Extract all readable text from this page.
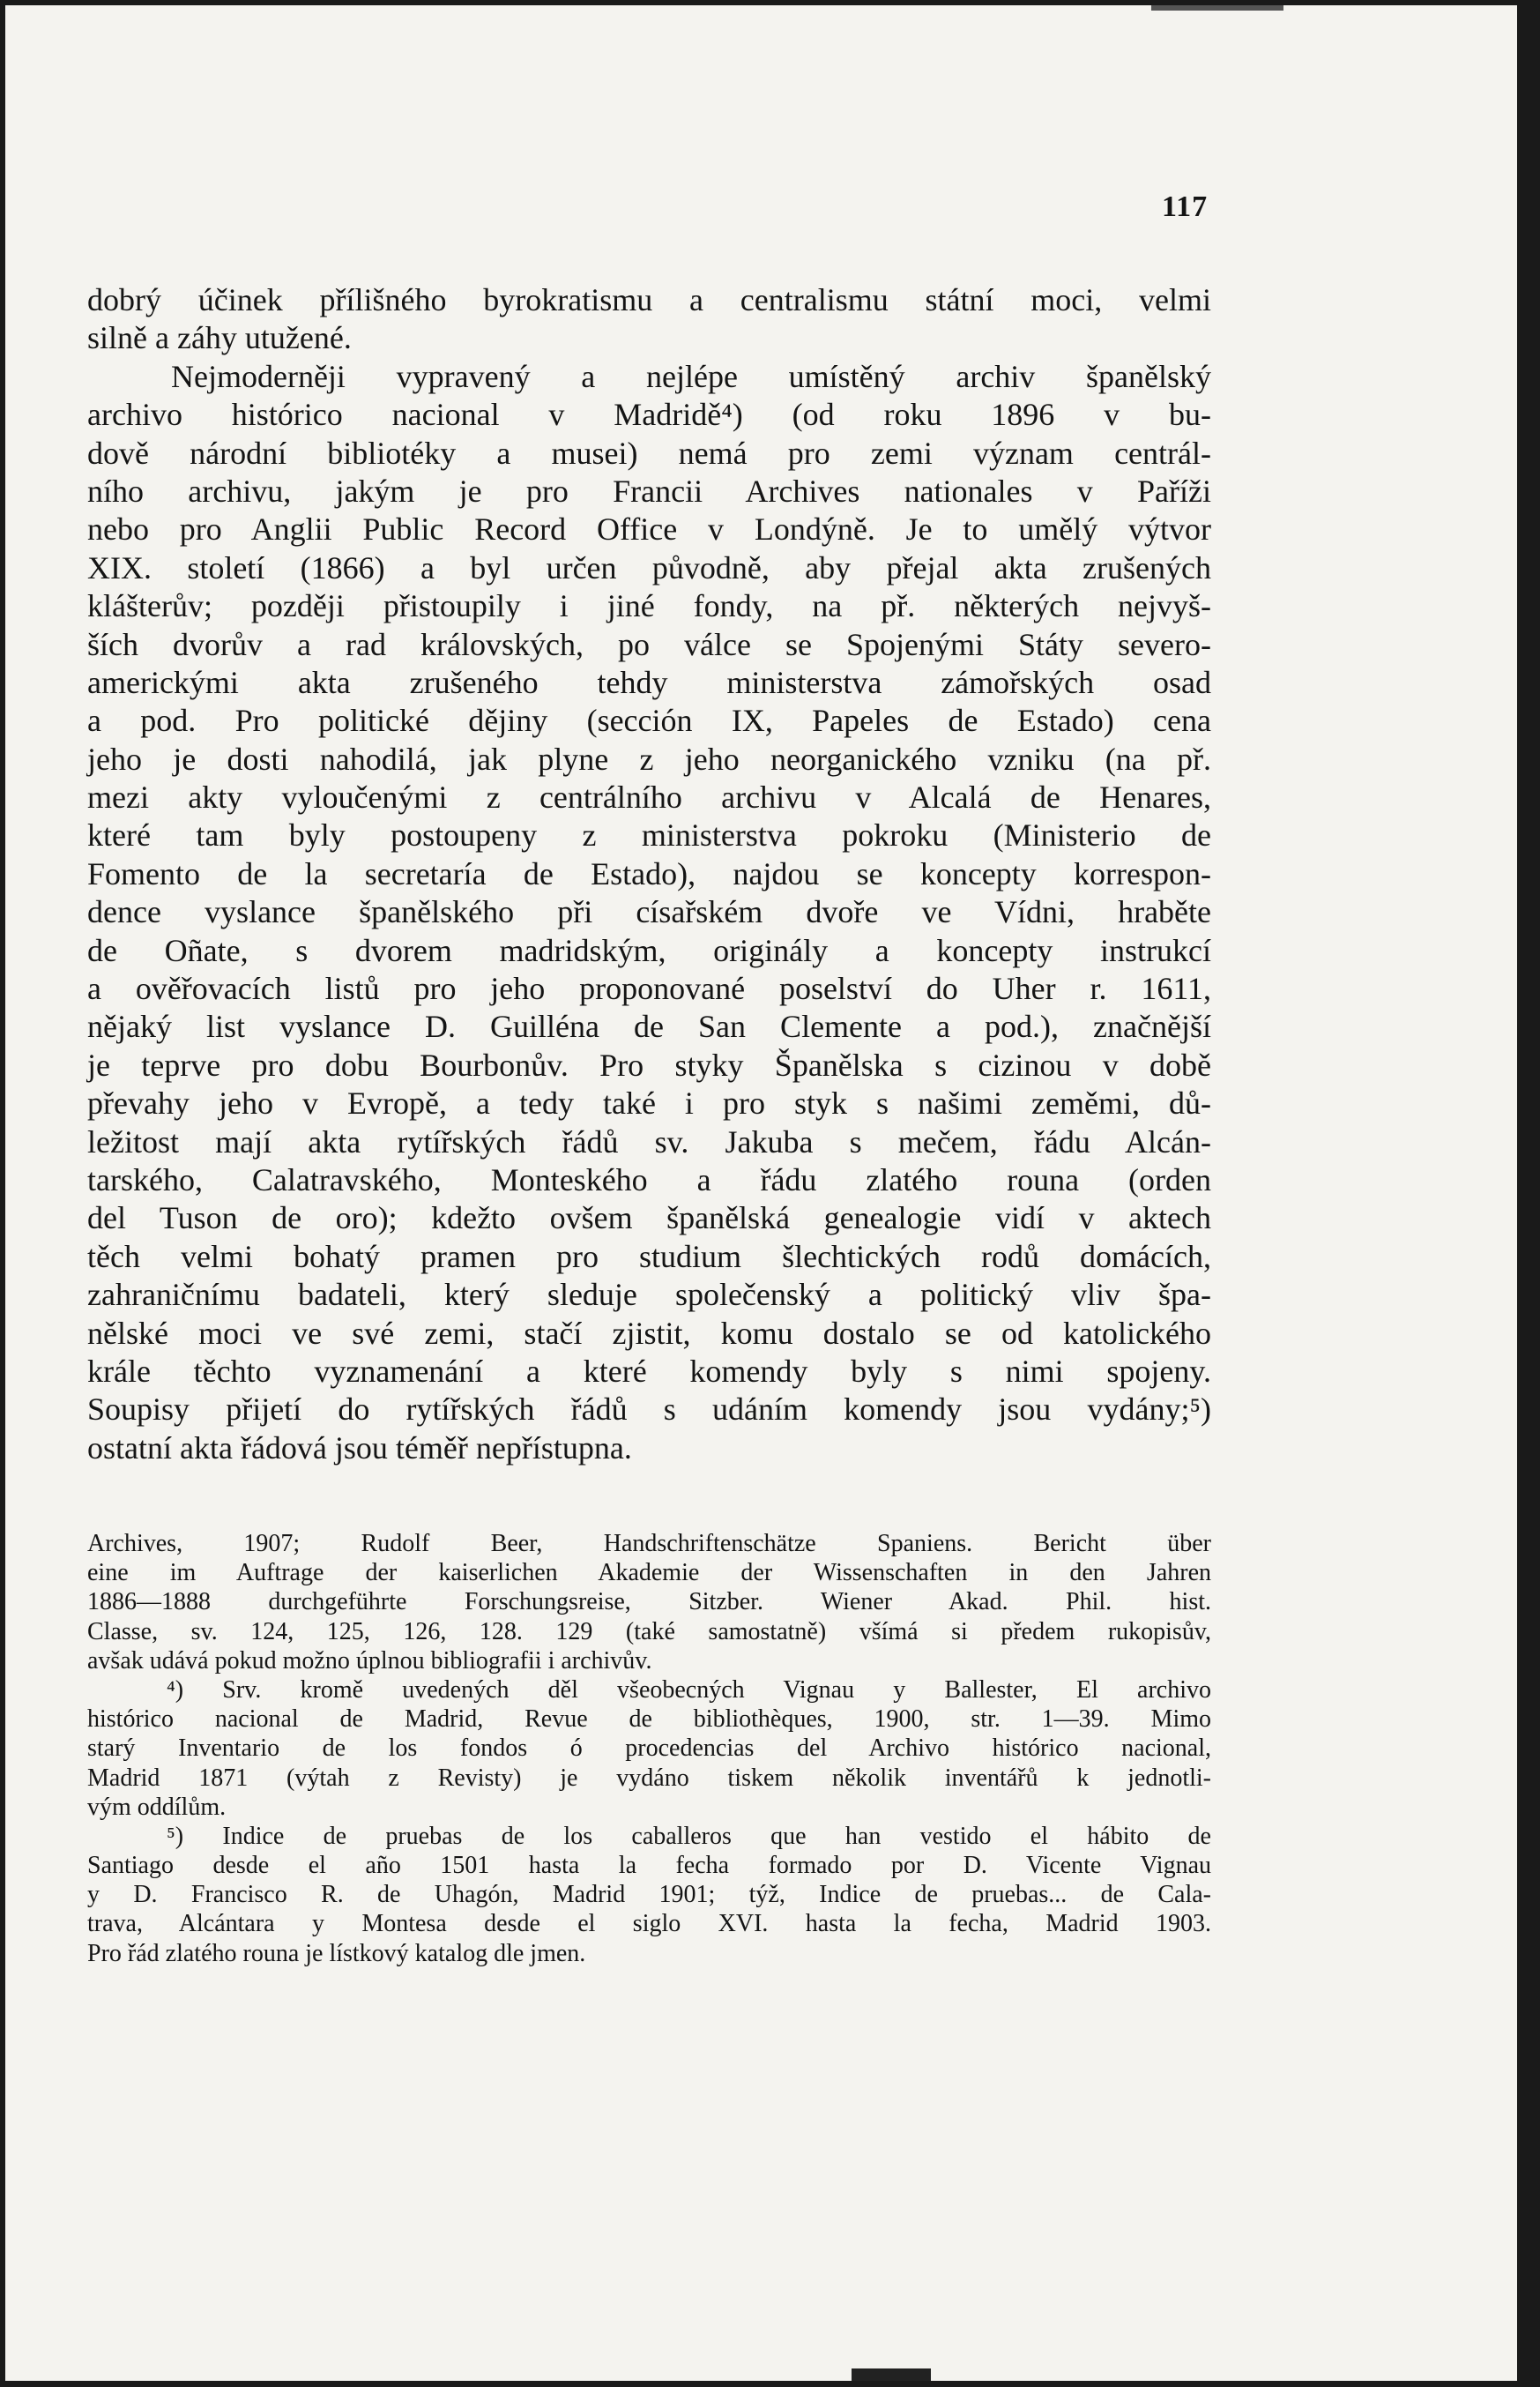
117
dobrý účinek přílišného byrokratismu a centralismu státní moci, velmi
silně a záhy utužené.
Nejmoderněji vypravený a nejlépe umístěný archiv španělský
archivo histórico nacional v Madridě⁴) (od roku 1896 v bu-
dově národní bibliotéky a musei) nemá pro zemi význam centrál-
ního archivu, jakým je pro Francii Archives nationales v Paříži
nebo pro Anglii Public Record Office v Londýně. Je to umělý výtvor
XIX. století (1866) a byl určen původně, aby přejal akta zrušených
klášterův; později přistoupily i jiné fondy, na př. některých nejvyš-
ších dvorův a rad královských, po válce se Spojenými Státy severo-
americkými akta zrušeného tehdy ministerstva zámořských osad
a pod. Pro politické dějiny (sección IX, Papeles de Estado) cena
jeho je dosti nahodilá, jak plyne z jeho neorganického vzniku (na př.
mezi akty vyloučenými z centrálního archivu v Alcalá de Henares,
které tam byly postoupeny z ministerstva pokroku (Ministerio de
Fomento de la secretaría de Estado), najdou se koncepty korrespon-
dence vyslance španělského při císařském dvoře ve Vídni, hraběte
de Oñate, s dvorem madridským, originály a koncepty instrukcí
a ověřovacích listů pro jeho proponované poselství do Uher r. 1611,
nějaký list vyslance D. Guilléna de San Clemente a pod.), značnější
je teprve pro dobu Bourbonův. Pro styky Španělska s cizinou v době
převahy jeho v Evropě, a tedy také i pro styk s našimi zeměmi, dů-
ležitost mají akta rytířských řádů sv. Jakuba s mečem, řádu Alcán-
tarského, Calatravského, Monteského a řádu zlatého rouna (orden
del Tuson de oro); kdežto ovšem španělská genealogie vidí v aktech
těch velmi bohatý pramen pro studium šlechtických rodů domácích,
zahraničnímu badateli, který sleduje společenský a politický vliv špa-
nělské moci ve své zemi, stačí zjistit, komu dostalo se od katolického
krále těchto vyznamenání a které komendy byly s nimi spojeny.
Soupisy přijetí do rytířských řádů s udáním komendy jsou vydány;⁵)
ostatní akta řádová jsou téměř nepřístupna.
Archives, 1907; Rudolf Beer, Handschriftenschätze Spaniens. Bericht über
eine im Auftrage der kaiserlichen Akademie der Wissenschaften in den Jahren
1886—1888 durchgeführte Forschungsreise, Sitzber. Wiener Akad. Phil. hist.
Classe, sv. 124, 125, 126, 128. 129 (také samostatně) všímá si předem rukopisův,
avšak udává pokud možno úplnou bibliografii i archivův.
⁴) Srv. kromě uvedených děl všeobecných Vignau y Ballester, El archivo
histórico nacional de Madrid, Revue de bibliothèques, 1900, str. 1—39. Mimo
starý Inventario de los fondos ó procedencias del Archivo histórico nacional,
Madrid 1871 (výtah z Revisty) je vydáno tiskem několik inventářů k jednotli-
vým oddílům.
⁵) Indice de pruebas de los caballeros que han vestido el hábito de
Santiago desde el año 1501 hasta la fecha formado por D. Vicente Vignau
y D. Francisco R. de Uhagón, Madrid 1901; týž, Indice de pruebas... de Cala-
trava, Alcántara y Montesa desde el siglo XVI. hasta la fecha, Madrid 1903.
Pro řád zlatého rouna je lístkový katalog dle jmen.
